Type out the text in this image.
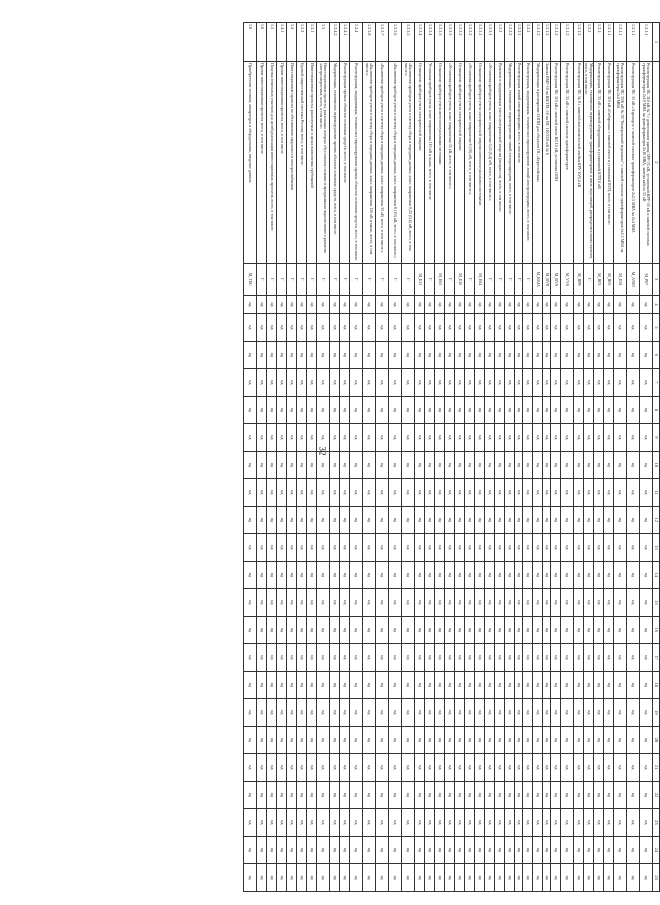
32
1	2	3	4	5	6	7	8	9	10	11	12	13	14	15	16	17	18	19	20	21	22	23	24	25
1.2.1.1	Реконструкция ПС 110 кВ № 7 с демонтажем здания ЗРУ-35 кВ, установкой КРУ-35 кВ и заменой силовых трансформаторов 2х10 МВА на трансформаторы 2х16 МВА, замена кабеля 35 кВ	M_P07	нд	нд	нд	нд	нд	нд	нд	нд	нд	нд	нд	нд	нд	нд	нд	нд	нд	нд	нд	нд	нд	нд
1.2.1.1	Реконструкция ПС 35 кВ «Аэропорт» с заменой силовых трансформаторов 2х2,5 МВА на 2х4 МВА	M_AN03	нд	нд	нд	нд	нд	нд	нд	нд	нд	нд	нд	нд	нд	нд	нд	нд	нд	нд	нд	нд	нд	нд
1.2.1.1	Реконструкция ПС 35/6 кВ № 39 "Кемеровский водоканал" с заменой силовых трансформаторов 2х2,5 МВА на трансформаторы 2х4 МВА	M_E59	нд	нд	нд	нд	нд	нд	нд	нд	нд	нд	нд	нд	нд	нд	нд	нд	нд	нд	нд	нд	нд	нд
1.2.1.1	Реконструкция ПС 110 кВ «Сибирская» с заменой ячеек и установкой КТП, всего, в том числе:	M_R05	нд	нд	нд	нд	нд	нд	нд	нд	нд	нд	нд	нд	нд	нд	нд	нд	нд	нд	нд	нд	нд	нд
1.2.1.	Реконструкция ПС 35 кВ с заменой оборудования и установкой КТП 6 кВ	M_R03	нд	нд	нд	нд	нд	нд	нд	нд	нд	нд	нд	нд	нд	нд	нд	нд	нд	нд	нд	нд	нд	нд
1.2.2	Модернизация, техническое перевооружение трансформаторных и иных подстанций, распределительных пунктов, всего, в том числе:	Г	нд	нд	нд	нд	нд	нд	нд	нд	нд	нд	нд	нд	нд	нд	нд	нд	нд	нд	нд	нд	нд	нд
1.2.1.2	Реконструкция ПС № 8 с заменой высоковольтной ячейки КРУ 10/0,4 кВ	M_BP8	нд	нд	нд	нд	нд	нд	нд	нд	нд	нд	нд	нд	нд	нд	нд	нд	нд	нд	нд	нд	нд	нд
1.2.1.2	Реконструкция ПС 35 кВ с заменой силовых трансформаторов	M_VV6	нд	нд	нд	нд	нд	нд	нд	нд	нд	нд	нд	нд	нд	нд	нд	нд	нд	нд	нд	нд	нд	нд
1.2.1.2	Реконструкция ПС 110 кВ с заменой ячеек ВЛ 10 кВ, установка ОПН	M_BV9	нд	нд	нд	нд	нд	нд	нд	нд	нд	нд	нд	нд	нд	нд	нд	нд	нд	нд	нд	нд	нд	нд
1.2.1.2	Замена ВМГ-10 на ВВ/TEL-10 на ПС 110/35/6 кВ № 6	M_BV8	нд	нд	нд	нд	нд	нд	нд	нд	нд	нд	нд	нд	нд	нд	нд	нд	нд	нд	нд	нд	нд	нд
1.2.1.2	Модернизация и расширение СОПИ для объектов ПС «Берестейская»	M_K04A	нд	нд	нд	нд	нд	нд	нд	нд	нд	нд	нд	нд	нд	нд	нд	нд	нд	нд	нд	нд	нд	нд
1.2.2	Реконструкция, модернизация, техническое перевооружение линий электропередачи, всего, в том числе:	Г	нд	нд	нд	нд	нд	нд	нд	нд	нд	нд	нд	нд	нд	нд	нд	нд	нд	нд	нд	нд	нд	нд
1.2.2.1	Реконструкция линий электропередачи, всего, в том числе:	Г	нд	нд	нд	нд	нд	нд	нд	нд	нд	нд	нд	нд	нд	нд	нд	нд	нд	нд	нд	нд	нд	нд
1.2.2.2	Модернизация, техническое перевооружение линий электропередачи, всего, в том числе:	Г	нд	нд	нд	нд	нд	нд	нд	нд	нд	нд	нд	нд	нд	нд	нд	нд	нд	нд	нд	нд	нд	нд
1.2.3	Развитие и модернизация учета электрической энергии (мощности), всего, в том числе:	Г	нд	нд	нд	нд	нд	нд	нд	нд	нд	нд	нд	нд	нд	нд	нд	нд	нд	нд	нд	нд	нд	нд
1.2.3.1	«Установка приборов учета, класс напряжения 0,22 (0,4) кВ, всего, в том числе:»	Г	нд	нд	нд	нд	нд	нд	нд	нд	нд	нд	нд	нд	нд	нд	нд	нд	нд	нд	нд	нд	нд	нд
1.2.3.1	Оснащение приборов учета электрической энергии интеллектуальными системами	M_E04	нд	нд	нд	нд	нд	нд	нд	нд	нд	нд	нд	нд	нд	нд	нд	нд	нд	нд	нд	нд	нд	нд
1.2.3.2	«Установка приборов учета, класс напряжения 6 (10) кВ, всего, в том числе:»	Г	нд	нд	нд	нд	нд	нд	нд	нд	нд	нд	нд	нд	нд	нд	нд	нд	нд	нд	нд	нд	нд	нд
1.2.3.2	Оснащение приборов учета электрической энергии	M_E10	нд	нд	нд	нд	нд	нд	нд	нд	нд	нд	нд	нд	нд	нд	нд	нд	нд	нд	нд	нд	нд	нд
1.2.3.3	«Установка приборов учета, класс напряжения 35 кВ, всего, в том числе:»	Г	нд	нд	нд	нд	нд	нд	нд	нд	нд	нд	нд	нд	нд	нд	нд	нд	нд	нд	нд	нд	нд	нд
1.2.3.3	Оснащение приборов учета интеллектуальными системами	M_E05	нд	нд	нд	нд	нд	нд	нд	нд	нд	нд	нд	нд	нд	нд	нд	нд	нд	нд	нд	нд	нд	нд
1.2.3.4	Установка приборов учета, класс напряжения 110 кВ и выше, всего, в том числе:	Г	нд	нд	нд	нд	нд	нд	нд	нд	нд	нд	нд	нд	нд	нд	нд	нд	нд	нд	нд	нд	нд	нд
1.2.3.4	Оснащение приборов учета электрической энергии	M_E11	нд	нд	нд	нд	нд	нд	нд	нд	нд	нд	нд	нд	нд	нд	нд	нд	нд	нд	нд	нд	нд	нд
1.2.3.5	«Включение приборов учета в систему сбора и передачи данных, класс напряжения 0,22 (0,4) кВ, всего, в том числе:»	Г	нд	нд	нд	нд	нд	нд	нд	нд	нд	нд	нд	нд	нд	нд	нд	нд	нд	нд	нд	нд	нд	нд
1.2.3.6	«Включение приборов учета в систему сбора и передачи данных, класс напряжения 6 (10) кВ, всего, в том числе:»	Г	нд	нд	нд	нд	нд	нд	нд	нд	нд	нд	нд	нд	нд	нд	нд	нд	нд	нд	нд	нд	нд	нд
1.2.3.7	«Включение приборов учета в систему сбора и передачи данных, класс напряжения 35 кВ, всего, в том числе:»	Г	нд	нд	нд	нд	нд	нд	нд	нд	нд	нд	нд	нд	нд	нд	нд	нд	нд	нд	нд	нд	нд	нд
1.2.3.8	«Включение приборов учета в систему сбора и передачи данных, класс напряжения 110 кВ и выше, всего, в том числе:»	Г	нд	нд	нд	нд	нд	нд	нд	нд	нд	нд	нд	нд	нд	нд	нд	нд	нд	нд	нд	нд	нд	нд
1.2.4	Реконструкция, модернизация, техническое перевооружение прочих объектов основных средств, всего, в том числе:	Г	нд	нд	нд	нд	нд	нд	нд	нд	нд	нд	нд	нд	нд	нд	нд	нд	нд	нд	нд	нд	нд	нд
1.2.4.1	Реконструкция прочих объектов основных средств, всего, в том числе:	Г	нд	нд	нд	нд	нд	нд	нд	нд	нд	нд	нд	нд	нд	нд	нд	нд	нд	нд	нд	нд	нд	нд
1.2.4.2	Модернизация, техническое перевооружение прочих объектов основных средств, всего, в том числе:	Г	нд	нд	нд	нд	нд	нд	нд	нд	нд	нд	нд	нд	нд	нд	нд	нд	нд	нд	нд	нд	нд	нд
1.3	Инвестиционные проекты, реализация которых обусловлена схемами и программами перспективного развития электроэнергетики, всего, в том числе:	Г	нд	нд	нд	нд	нд	нд	нд	нд	нд	нд	нд	нд	нд	нд	нд	нд	нд	нд	нд	нд	нд	нд
1.3.1	Инвестиционные проекты, реализуемые в целях выполнения требований	Г	нд	нд	нд	нд	нд	нд	нд	нд	нд	нд	нд	нд	нд	нд	нд	нд	нд	нд	нд	нд	нд	нд
1.3.2	Единой энергетической системы России, всего, в том числе:	Г	нд	нд	нд	нд	нд	нд	нд	нд	нд	нд	нд	нд	нд	нд	нд	нд	нд	нд	нд	нд	нд	нд
1.4	Инвестиционные проекты по обеспечению надежности электроснабжения	Г	нд	нд	нд	нд	нд	нд	нд	нд	нд	нд	нд	нд	нд	нд	нд	нд	нд	нд	нд	нд	нд	нд
1.4.1	Прочие инвестиционные проекты, всего, в том числе:	Г	нд	нд	нд	нд	нд	нд	нд	нд	нд	нд	нд	нд	нд	нд	нд	нд	нд	нд	нд	нд	нд	нд
1.5	Покупка земельных участков для целей реализации инвестиционных проектов, всего, в том числе:	Г	нд	нд	нд	нд	нд	нд	нд	нд	нд	нд	нд	нд	нд	нд	нд	нд	нд	нд	нд	нд	нд	нд
1.6	Прочие инвестиционные проекты, всего, в том числе:	Г	нд	нд	нд	нд	нд	нд	нд	нд	нд	нд	нд	нд	нд	нд	нд	нд	нд	нд	нд	нд	нд	нд
1.6	Приобретение техники, аппаратуры и оборудования, введение данных	M_TEC	нд	нд	нд	нд	нд	нд	нд	нд	нд	нд	нд	нд	нд	нд	нд	нд	нд	нд	нд	нд	нд	нд
